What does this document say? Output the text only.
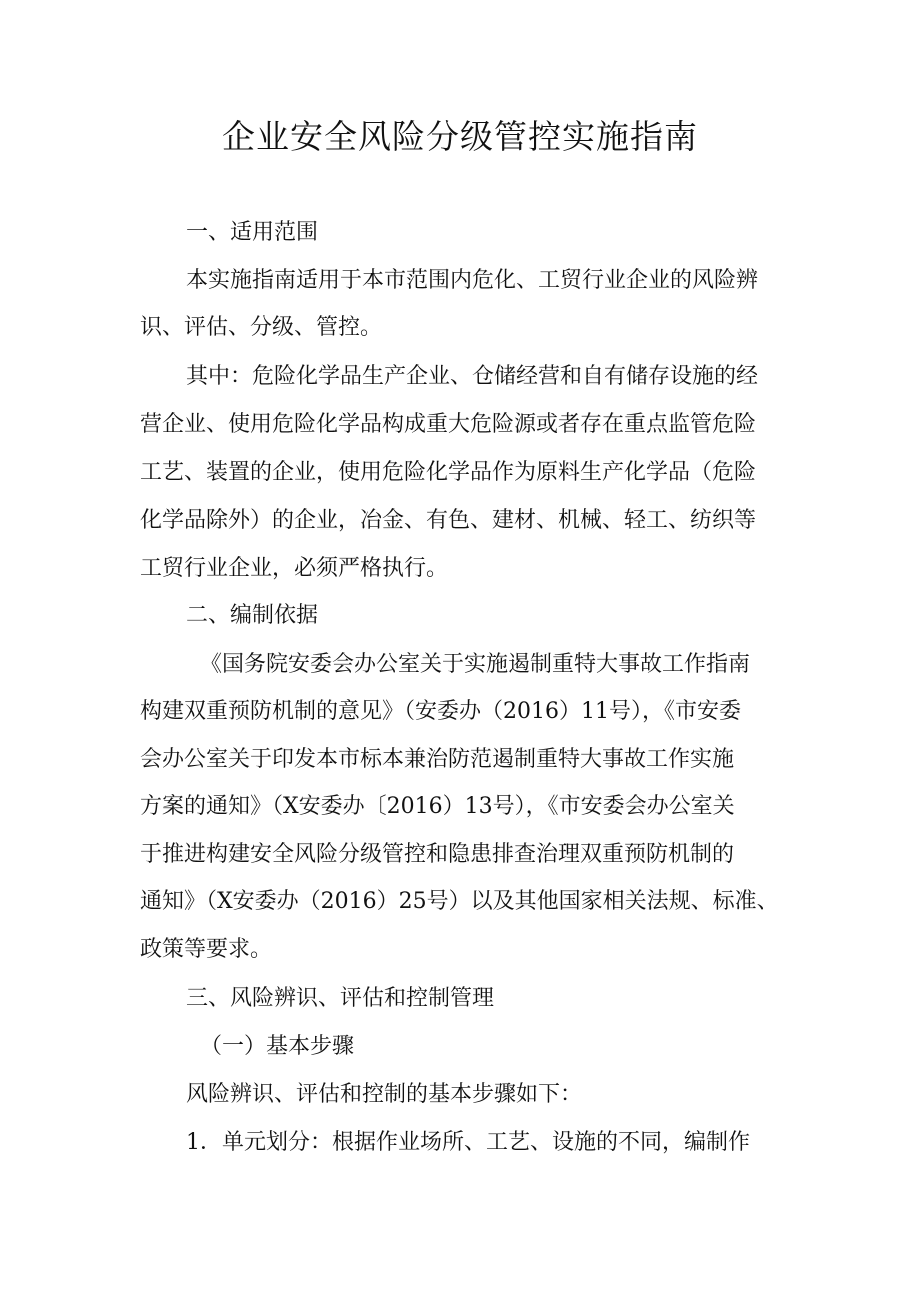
企业安全风险分级管控实施指南
一、适用范围
本实施指南适用于本市范围内危化、工贸行业企业的风险辨
识、评估、分级、管控。
其中：危险化学品生产企业、仓储经营和自有储存设施的经
营企业、使用危险化学品构成重大危险源或者存在重点监管危险
工艺、装置的企业，使用危险化学品作为原料生产化学品（危险
化学品除外）的企业，冶金、有色、建材、机械、轻工、纺织等
工贸行业企业，必须严格执行。
二、编制依据
《国务院安委会办公室关于实施遏制重特大事故工作指南
构建双重预防机制的意见》（安委办（2016）11号），《市安委
会办公室关于印发本市标本兼治防范遏制重特大事故工作实施
方案的通知》（X安委办〔2016）13号），《市安委会办公室关
于推进构建安全风险分级管控和隐患排查治理双重预防机制的
通知》（X安委办（2016）25号）以及其他国家相关法规、标准、
政策等要求。
三、风险辨识、评估和控制管理
（一）基本步骤
风险辨识、评估和控制的基本步骤如下：
1．单元划分：根据作业场所、工艺、设施的不同，编制作
